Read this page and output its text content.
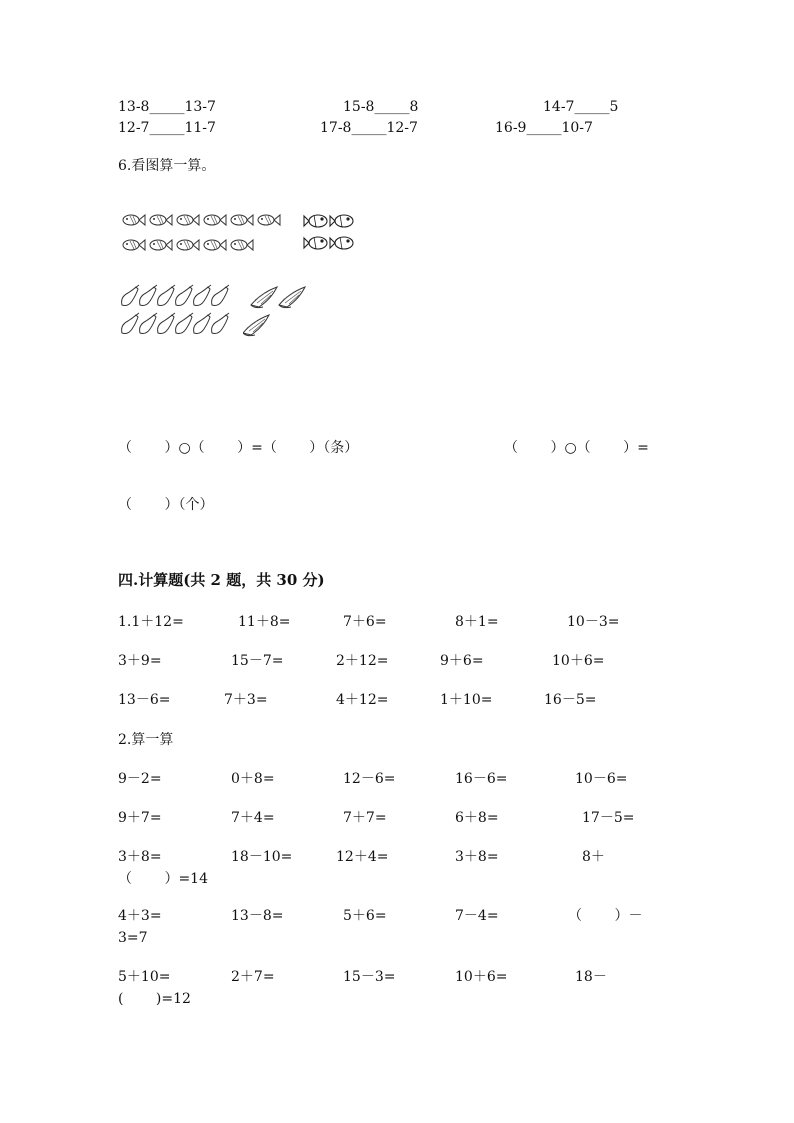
13-8_____13-7	15-8_____8	14-7_____5
12-7_____11-7	17-8_____12-7	16-9_____10-7
6.看图算一算。
（　　 ）○（　　 ）=（　　 ）（条）	（　　 ）○（　　 ）=
（　　 ）（个）
四.计算题(共 2 题，共 30 分)
1.1＋12=	11＋8=	7＋6=	8＋1=	10－3=
3＋9=	15－7=	2＋12=	9＋6=	10＋6=
13－6=	7＋3=	4＋12=	1＋10=	16－5=
2.算一算
9－2=	0＋8=	12－6=	16－6=	10－6=
9＋7=	7＋4=	7＋7=	6＋8=	17－5=
3＋8=	18－10=	12＋4=	3＋8=	8＋
（　　 ）=14
4＋3=	13－8=	5＋6=	7－4=	（　　 ）－
3=7
5＋10=	2＋7=	15－3=	10＋6=	18－
(　　 )=12
